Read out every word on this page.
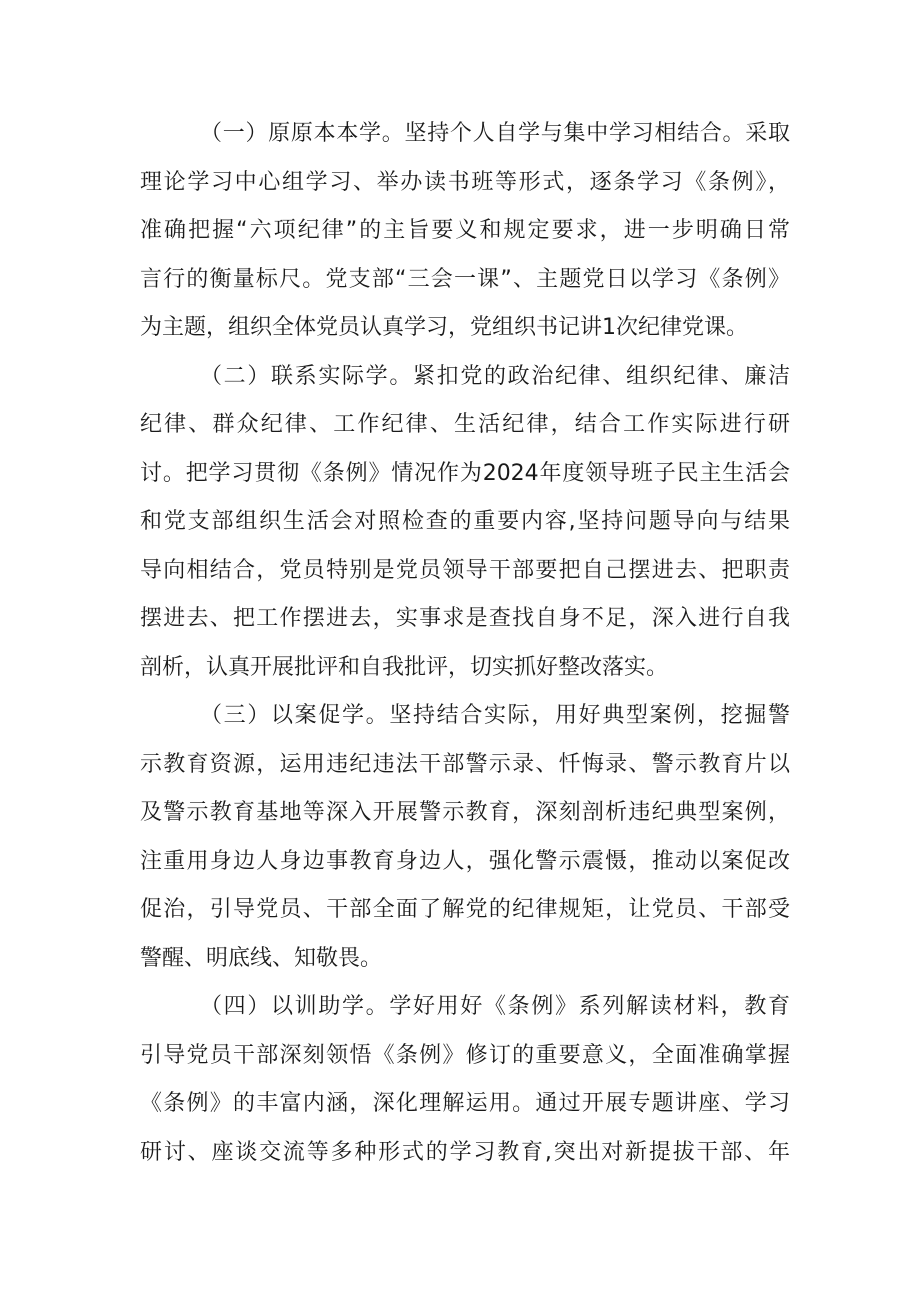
（一）原原本本学。坚持个人自学与集中学习相结合。采取
理论学习中心组学习、举办读书班等形式，逐条学习《条例》，
准确把握“六项纪律”的主旨要义和规定要求，进一步明确日常
言行的衡量标尺。党支部“三会一课”、主题党日以学习《条例》
为主题，组织全体党员认真学习，党组织书记讲1次纪律党课。
（二）联系实际学。紧扣党的政治纪律、组织纪律、廉洁
纪律、群众纪律、工作纪律、生活纪律，结合工作实际进行研
讨。把学习贯彻《条例》情况作为2024年度领导班子民主生活会
和党支部组织生活会对照检查的重要内容,坚持问题导向与结果
导向相结合，党员特别是党员领导干部要把自己摆进去、把职责
摆进去、把工作摆进去，实事求是查找自身不足，深入进行自我
剖析，认真开展批评和自我批评，切实抓好整改落实。
（三）以案促学。坚持结合实际，用好典型案例，挖掘警
示教育资源，运用违纪违法干部警示录、忏悔录、警示教育片以
及警示教育基地等深入开展警示教育，深刻剖析违纪典型案例，
注重用身边人身边事教育身边人，强化警示震慑，推动以案促改
促治，引导党员、干部全面了解党的纪律规矩，让党员、干部受
警醒、明底线、知敬畏。
（四）以训助学。学好用好《条例》系列解读材料，教育
引导党员干部深刻领悟《条例》修订的重要意义，全面准确掌握
《条例》的丰富内涵，深化理解运用。通过开展专题讲座、学习
研讨、座谈交流等多种形式的学习教育,突出对新提拔干部、年
